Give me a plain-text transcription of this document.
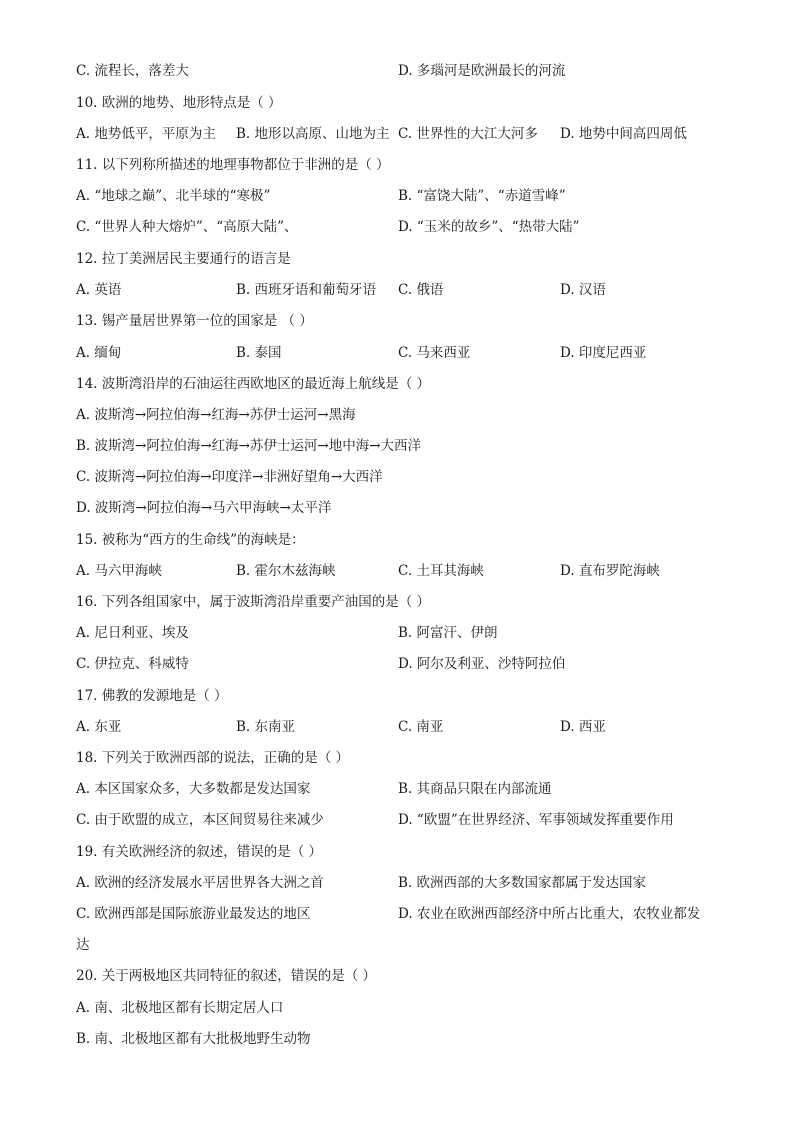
C. 流程长，落差大	D. 多瑙河是欧洲最长的河流
10. 欧洲的地势、地形特点是（ ）
A. 地势低平，平原为主 B. 地形以高原、山地为主 C. 世界性的大江大河多 D. 地势中间高四周低
11. 以下列称所描述的地理事物都位于非洲的是（ ）
A. “地球之巅”、北半球的“寒极”	B. “富饶大陆”、“赤道雪峰”
C. “世界人种大熔炉”、“高原大陆”、	D. “玉米的故乡”、“热带大陆”
12. 拉丁美洲居民主要通行的语言是
A. 英语	B. 西班牙语和葡萄牙语 C. 俄语	D. 汉语
13. 锡产量居世界第一位的国家是 （ ）
A. 缅甸	B. 泰国	C. 马来西亚	D. 印度尼西亚
14. 波斯湾沿岸的石油运往西欧地区的最近海上航线是（ ）
A. 波斯湾→阿拉伯海→红海→苏伊士运河→黑海
B. 波斯湾→阿拉伯海→红海→苏伊士运河→地中海→大西洋
C. 波斯湾→阿拉伯海→印度洋→非洲好望角→大西洋
D. 波斯湾→阿拉伯海→马六甲海峡→太平洋
15. 被称为“西方的生命线”的海峡是：
A. 马六甲海峡	B. 霍尔木兹海峡	C. 土耳其海峡	D. 直布罗陀海峡
16. 下列各组国家中，属于波斯湾沿岸重要产油国的是（ ）
A. 尼日利亚、埃及	B. 阿富汗、伊朗
C. 伊拉克、科威特	D. 阿尔及利亚、沙特阿拉伯
17. 佛教的发源地是（ ）
A. 东亚	B. 东南亚	C. 南亚	D. 西亚
18. 下列关于欧洲西部的说法，正确的是（ ）
A. 本区国家众多，大多数都是发达国家	B. 其商品只限在内部流通
C. 由于欧盟的成立，本区间贸易往来减少	D. “欧盟”在世界经济、军事领域发挥重要作用
19. 有关欧洲经济的叙述，错误的是（ ）
A. 欧洲的经济发展水平居世界各大洲之首	B. 欧洲西部的大多数国家都属于发达国家
C. 欧洲西部是国际旅游业最发达的地区	D. 农业在欧洲西部经济中所占比重大，农牧业都发
达
20. 关于两极地区共同特征的叙述，错误的是（ ）
A. 南、北极地区都有长期定居人口
B. 南、北极地区都有大批极地野生动物
